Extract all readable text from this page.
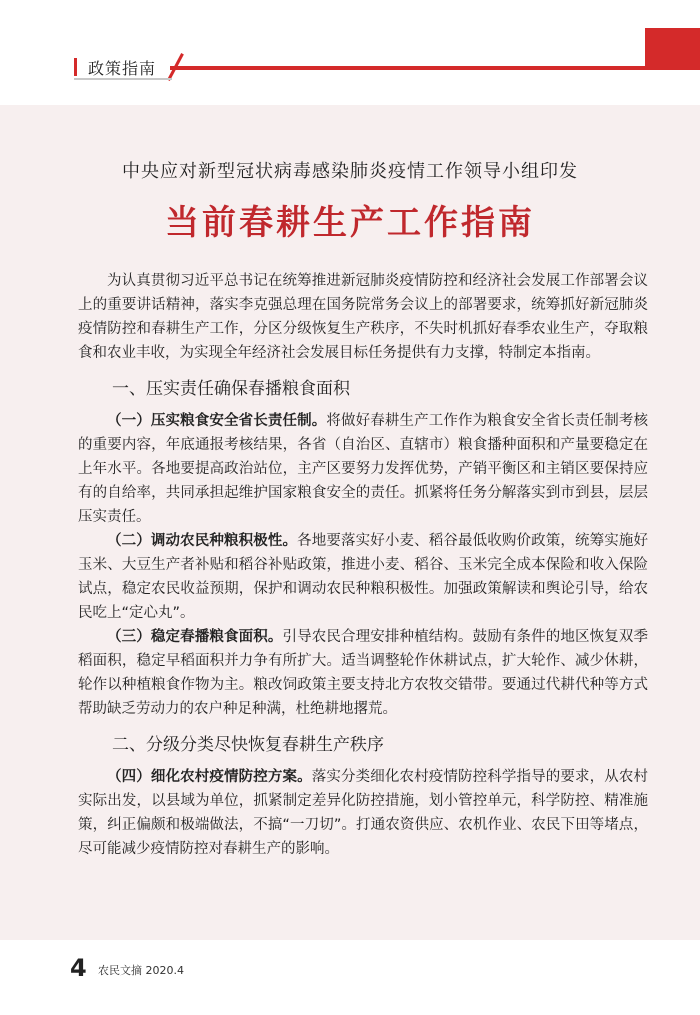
政策指南
中央应对新型冠状病毒感染肺炎疫情工作领导小组印发
当前春耕生产工作指南

为认真贯彻习近平总书记在统筹推进新冠肺炎疫情防控和经济社会发展工作部署会议上的重要讲话精神，落实李克强总理在国务院常务会议上的部署要求，统筹抓好新冠肺炎疫情防控和春耕生产工作，分区分级恢复生产秩序，不失时机抓好春季农业生产，夺取粮食和农业丰收，为实现全年经济社会发展目标任务提供有力支撑，特制定本指南。

一、压实责任确保春播粮食面积

（一）压实粮食安全省长责任制。将做好春耕生产工作作为粮食安全省长责任制考核的重要内容，年底通报考核结果，各省（自治区、直辖市）粮食播种面积和产量要稳定在上年水平。各地要提高政治站位，主产区要努力发挥优势，产销平衡区和主销区要保持应有的自给率，共同承担起维护国家粮食安全的责任。抓紧将任务分解落实到市到县，层层压实责任。

（二）调动农民种粮积极性。各地要落实好小麦、稻谷最低收购价政策，统筹实施好玉米、大豆生产者补贴和稻谷补贴政策，推进小麦、稻谷、玉米完全成本保险和收入保险试点，稳定农民收益预期，保护和调动农民种粮积极性。加强政策解读和舆论引导，给农民吃上“定心丸”。

（三）稳定春播粮食面积。引导农民合理安排种植结构。鼓励有条件的地区恢复双季稻面积，稳定早稻面积并力争有所扩大。适当调整轮作休耕试点，扩大轮作、减少休耕，轮作以种植粮食作物为主。粮改饲政策主要支持北方农牧交错带。要通过代耕代种等方式帮助缺乏劳动力的农户种足种满，杜绝耕地撂荒。

二、分级分类尽快恢复春耕生产秩序

（四）细化农村疫情防控方案。落实分类细化农村疫情防控科学指导的要求，从农村实际出发，以县域为单位，抓紧制定差异化防控措施，划小管控单元，科学防控、精准施策，纠正偏颇和极端做法，不搞“一刀切”。打通农资供应、农机作业、农民下田等堵点，尽可能减少疫情防控对春耕生产的影响。

4 农民文摘 2020.4
